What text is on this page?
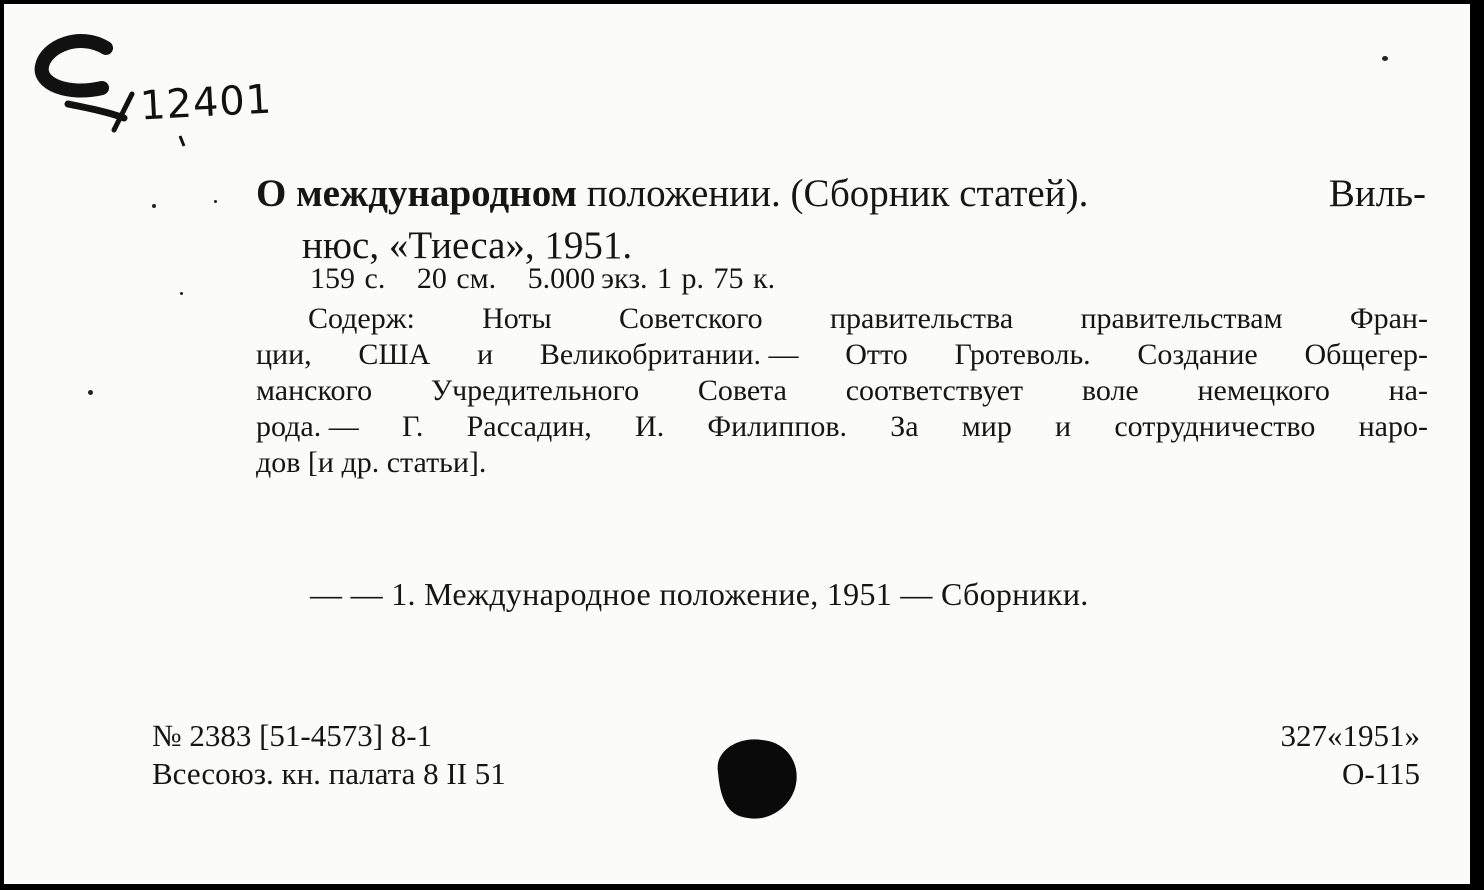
12401
О международном положении. (Сборник статей).	Виль-
нюс, «Тиеса», 1951.
159 с. 20 см. 5.000 экз. 1 р. 75 к.
Содерж: Ноты Советского правительства правительствам Фран-
ции, США и Великобритании. — Отто Гротеволь. Создание Общегер-
манского Учредительного Совета соответствует воле немецкого на-
рода. — Г. Рассадин, И. Филиппов. За мир и сотрудничество наро-
дов [и др. статьи].
— — 1. Международное положение, 1951 — Сборники.
№ 2383 [51-4573] 8-1
Всесоюз. кн. палата 8 II 51
327«1951»
О-115
